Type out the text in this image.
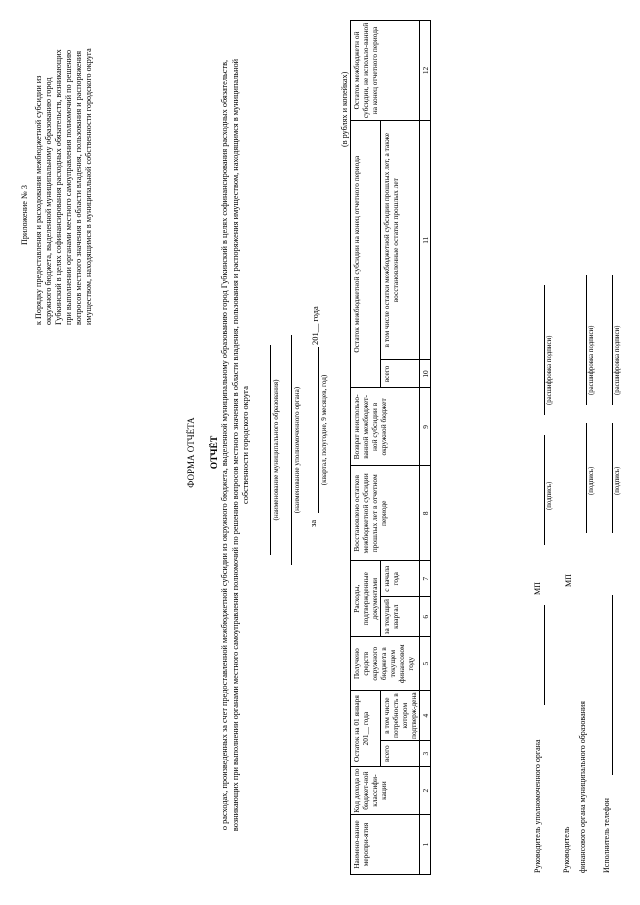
Приложение № 3 к Порядку предоставления и расходования межбюджетной субсидии из окружного бюджета, выделенной муниципальному образованию город Губкинский в целях софинансирования расходных обязательств, возникающих при выполнении органами местного самоуправления полномочий по решению вопросов местного значения в области владения, пользования и распоряжения имуществом, находящимся в муниципальной собственности городского округа
ФОРМА ОТЧЁТА ОТЧЁТ о расходах, произведенных за счет предоставленной межбюджетной субсидии из окружного бюджета, выделенной муниципальному образованию город Губкинский в целях софинансирования расходных обязательств, возникающих при выполнении органами местного самоуправления полномочий по решению вопросов местного значения в области владения, пользования и распоряжения имуществом, находящимся в муниципальной собственности городского округа	(наименование муниципального образования) (наименование уполномоченного органа)
за
201__ года
(квартал, полугодие, 9 месяцев, год)
(в рублях и копейках)
Наимено-вание меропри-ятия	Код дохода по бюджет-ной классифи-кации	Остаток на 01 января 201__ года		Получено средств окружного бюджета в текущем финансовом году	Расходы, подтвержденные документами		Восстановлено остатков межбюджетной субсидии прошлых лет в отчетном периоде	Возврат неиспользо-ванной межбюджет-ной субсидии в окружной бюджет	Остаток межбюджетной субсидии на конец отчетного периода		Остаток межбюджетн ой субсидии, не использо-ванной на конец отчетного периода
		всего	в том числе потребность в котором подтверж-дена		за текущий квартал	с начала года			всего	в том числе остатки межбюджетной субсидии прошлых лет, а также восстановленные остатки прошлых лет	
1	2	3	4	5	6	7	8	9	10	11	12
Руководитель уполномоченного органа
МП
(подпись)
(расшифровка подписи)
Руководитель финансового органа муниципального образования
МП
(подпись)
(расшифровка подписи)
Исполнитель телефон
(подпись)
(расшифровка подписи)
